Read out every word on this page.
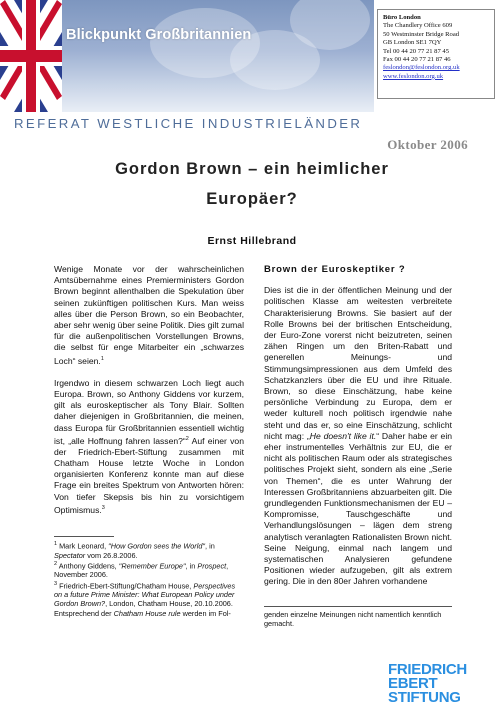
Blickpunkt Großbritannien
REFERAT WESTLICHE INDUSTRIELÄNDER
Büro London
The Chandlery Office 609
50 Westminster Bridge Road
GB London SE1 7QY
Tel 00 44 20 77 21 87 45
Fax 00 44 20 77 21 87 46
feslondon@feslondon.org.uk
www.feslondon.org.uk
Oktober 2006
Gordon Brown – ein heimlicher
Europäer?
Ernst Hillebrand

Wenige Monate vor der wahrscheinlichen Amtsübernahme eines Premierministers Gordon Brown beginnt allenthalben die Spekulation über seinen zukünftigen politischen Kurs. Man weiss alles über die Person Brown, so ein Beobachter, aber sehr wenig über seine Politik. Dies gilt zumal für die außenpolitischen Vorstellungen Browns, die selbst für enge Mitarbeiter ein „schwarzes Loch“ seien.$^1$

Irgendwo in diesem schwarzen Loch liegt auch Europa. Brown, so Anthony Giddens vor kurzem, gilt als euroskeptischer als Tony Blair. Sollten daher diejenigen in Großbritannien, die meinen, dass Europa für Großbritannien essentiell wichtig ist, „alle Hoffnung fahren lassen?“$^2$ Auf einer von der Friedrich-Ebert-Stiftung zusammen mit Chatham House letzte Woche in London organisierten Konferenz konnte man auf diese Frage ein breites Spektrum von Antworten hören: Von tiefer Skepsis bis hin zu vorsichtigem Optimismus.$^3$

$^1$ Mark Leonard, "How Gordon sees the World", in Spectator vom 26.8.2006.

$^2$ Anthony Giddens, "Remember Europe", in Prospect, November 2006.

$^3$ Friedrich-Ebert-Stiftung/Chatham House, Perspectives on a future Prime Minister: What European Policy under Gordon Brown?, London, Chatham House, 20.10.2006. Entsprechend der Chatham House rule werden im Fol-

Brown der Euroskeptiker ?

Dies ist die in der öffentlichen Meinung und der politischen Klasse am weitesten verbreitete Charakterisierung Browns. Sie basiert auf der Rolle Browns bei der britischen Entscheidung, der Euro-Zone vorerst nicht beizutreten, seinen zähen Ringen um den Briten-Rabatt und generellen Meinungs- und Stimmungsimpressionen aus dem Umfeld des Schatzkanzlers über die EU und ihre Rituale. Brown, so diese Einschätzung, habe keine persönliche Verbindung zu Europa, dem er weder kulturell noch politisch irgendwie nahe steht und das er, so eine Einschätzung, schlicht nicht mag: „He doesn't like it.“ Daher habe er ein eher instrumentelles Verhältnis zur EU, die er nicht als politischen Raum oder als strategisches politisches Projekt sieht, sondern als eine „Serie von Themen“, die es unter Wahrung der Interessen Großbritanniens abzuarbeiten gilt. Die grundlegenden Funktionsmechanismen der EU – Kompromisse, Tauschgeschäfte und Verhandlungslösungen – lägen dem streng analytisch veranlagten Rationalisten Brown nicht. Seine Neigung, einmal nach langem und systematischen Analysieren gefundene Positionen wieder aufzugeben, gilt als extrem gering. Die in den 80er Jahren vorhandene

genden einzelne Meinungen nicht namentlich kenntlich gemacht.

FRIEDRICH
EBERT
STIFTUNG
